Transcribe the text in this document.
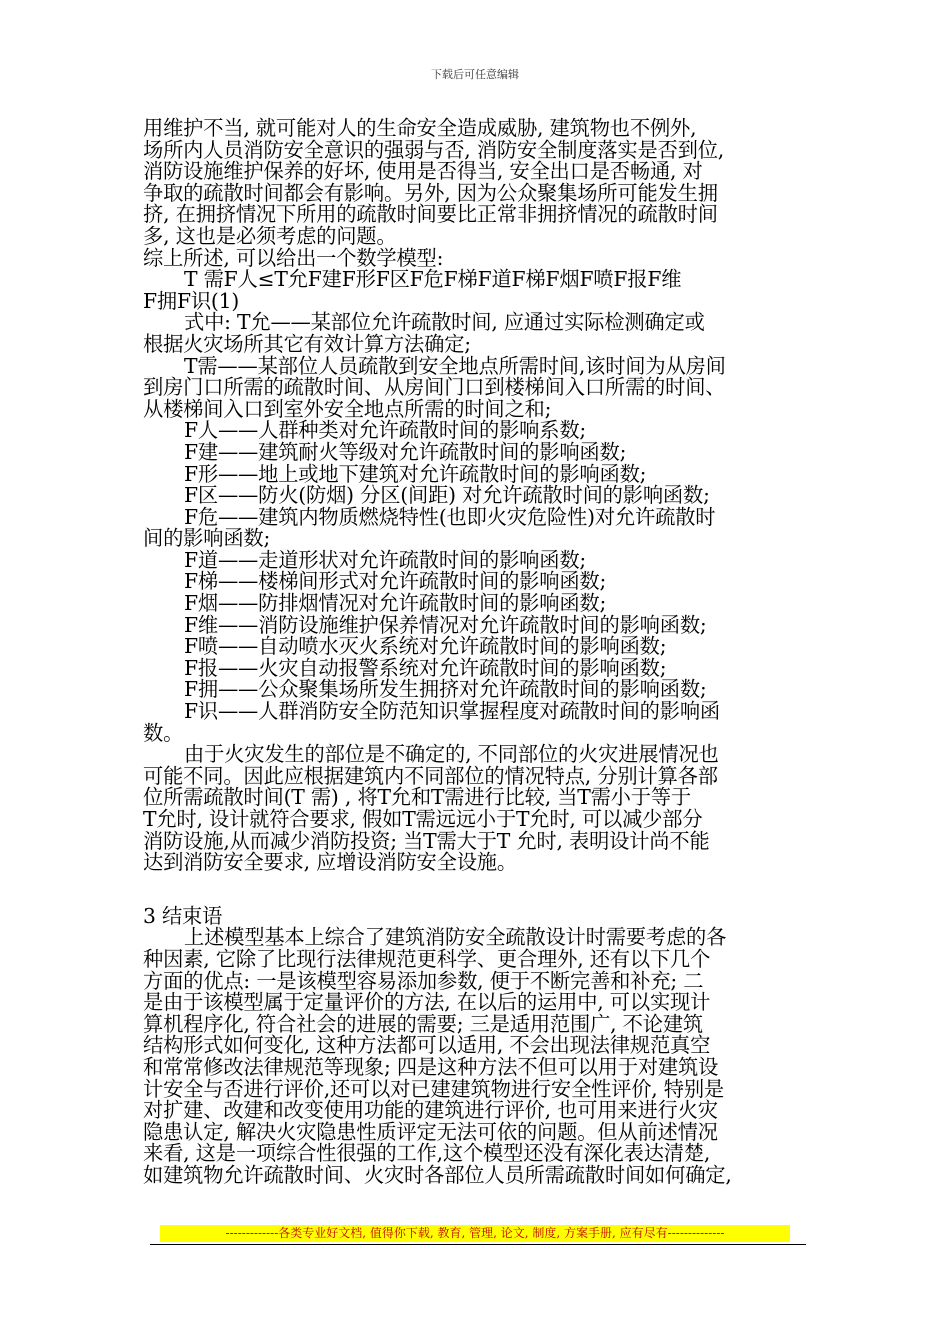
下载后可任意编辑

用维护不当, 就可能对人的生命安全造成威胁, 建筑物也不例外,

场所内人员消防安全意识的强弱与否, 消防安全制度落实是否到位,

消防设施维护保养的好坏, 使用是否得当, 安全出口是否畅通, 对

争取的疏散时间都会有影响。另外, 因为公众聚集场所可能发生拥

挤, 在拥挤情况下所用的疏散时间要比正常非拥挤情况的疏散时间

多, 这也是必须考虑的问题。

综上所述, 可以给出一个数学模型:

T 需F人≤T允F建F形F区F危F梯F道F梯F烟F喷F报F维

F拥F识(1)

式中: T允——某部位允许疏散时间, 应通过实际检测确定或

根据火灾场所其它有效计算方法确定;

T需——某部位人员疏散到安全地点所需时间,该时间为从房间

到房门口所需的疏散时间、从房间门口到楼梯间入口所需的时间、

从楼梯间入口到室外安全地点所需的时间之和;

F人——人群种类对允许疏散时间的影响系数;

F建——建筑耐火等级对允许疏散时间的影响函数;

F形——地上或地下建筑对允许疏散时间的影响函数;

F区——防火(防烟) 分区(间距) 对允许疏散时间的影响函数;

F危——建筑内物质燃烧特性(也即火灾危险性)对允许疏散时

间的影响函数;

F道——走道形状对允许疏散时间的影响函数;

F梯——楼梯间形式对允许疏散时间的影响函数;

F烟——防排烟情况对允许疏散时间的影响函数;

F维——消防设施维护保养情况对允许疏散时间的影响函数;

F喷——自动喷水灭火系统对允许疏散时间的影响函数;

F报——火灾自动报警系统对允许疏散时间的影响函数;

F拥——公众聚集场所发生拥挤对允许疏散时间的影响函数;

F识——人群消防安全防范知识掌握程度对疏散时间的影响函

数。

由于火灾发生的部位是不确定的, 不同部位的火灾进展情况也

可能不同。因此应根据建筑内不同部位的情况特点, 分别计算各部

位所需疏散时间(T 需) , 将T允和T需进行比较, 当T需小于等于

T允时, 设计就符合要求, 假如T需远远小于T允时, 可以减少部分

消防设施,从而减少消防投资; 当T需大于T 允时, 表明设计尚不能

达到消防安全要求, 应增设消防安全设施。

3 结束语

上述模型基本上综合了建筑消防安全疏散设计时需要考虑的各

种因素, 它除了比现行法律规范更科学、更合理外, 还有以下几个

方面的优点: 一是该模型容易添加参数, 便于不断完善和补充; 二

是由于该模型属于定量评价的方法, 在以后的运用中, 可以实现计

算机程序化, 符合社会的进展的需要; 三是适用范围广, 不论建筑

结构形式如何变化, 这种方法都可以适用, 不会出现法律规范真空

和常常修改法律规范等现象; 四是这种方法不但可以用于对建筑设

计安全与否进行评价,还可以对已建建筑物进行安全性评价, 特别是

对扩建、改建和改变使用功能的建筑进行评价, 也可用来进行火灾

隐患认定, 解决火灾隐患性质评定无法可依的问题。但从前述情况

来看, 这是一项综合性很强的工作,这个模型还没有深化表达清楚,

如建筑物允许疏散时间、火灾时各部位人员所需疏散时间如何确定,

-------------各类专业好文档, 值得你下载, 教育, 管理, 论文, 制度, 方案手册, 应有尽有--------------
